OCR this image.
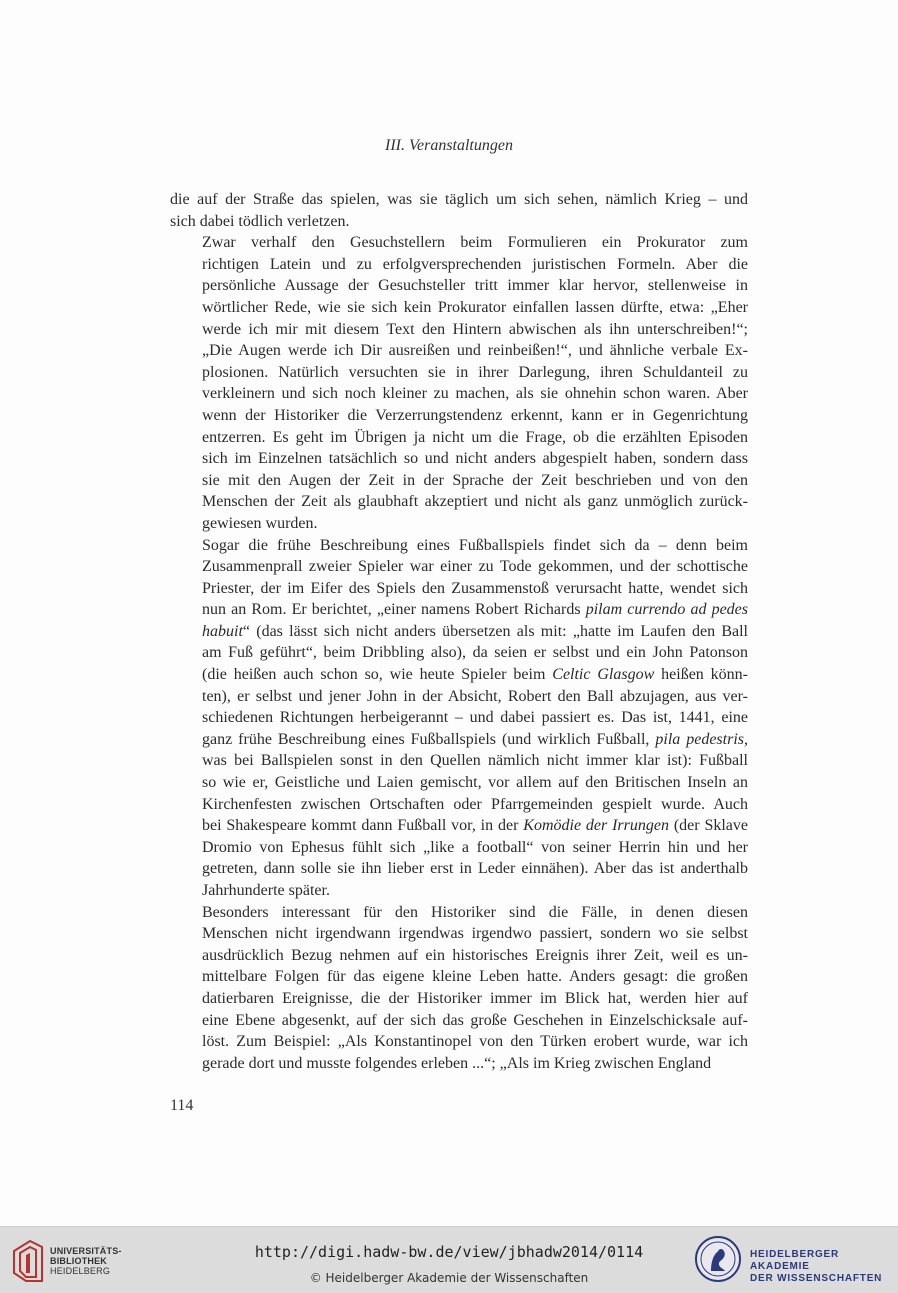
III. Veranstaltungen

die auf der Straße das spielen, was sie täglich um sich sehen, nämlich Krieg – und
sich dabei tödlich verletzen.

Zwar verhalf den Gesuchstellern beim Formulieren ein Prokurator zum
richtigen Latein und zu erfolgversprechenden juristischen Formeln. Aber die
persönliche Aussage der Gesuchsteller tritt immer klar hervor, stellenweise in
wörtlicher Rede, wie sie sich kein Prokurator einfallen lassen dürfte, etwa: „Eher
werde ich mir mit diesem Text den Hintern abwischen als ihn unterschreiben!“;
„Die Augen werde ich Dir ausreißen und reinbeißen!“, und ähnliche verbale Ex-
plosionen. Natürlich versuchten sie in ihrer Darlegung, ihren Schuldanteil zu
verkleinern und sich noch kleiner zu machen, als sie ohnehin schon waren. Aber
wenn der Historiker die Verzerrungstendenz erkennt, kann er in Gegenrichtung
entzerren. Es geht im Übrigen ja nicht um die Frage, ob die erzählten Episoden
sich im Einzelnen tatsächlich so und nicht anders abgespielt haben, sondern dass
sie mit den Augen der Zeit in der Sprache der Zeit beschrieben und von den
Menschen der Zeit als glaubhaft akzeptiert und nicht als ganz unmöglich zurück-
gewiesen wurden.

Sogar die frühe Beschreibung eines Fußballspiels findet sich da – denn beim
Zusammenprall zweier Spieler war einer zu Tode gekommen, und der schottische
Priester, der im Eifer des Spiels den Zusammenstoß verursacht hatte, wendet sich
nun an Rom. Er berichtet, „einer namens Robert Richards pilam currendo ad pedes
habuit“ (das lässt sich nicht anders übersetzen als mit: „hatte im Laufen den Ball
am Fuß geführt“, beim Dribbling also), da seien er selbst und ein John Patonson
(die heißen auch schon so, wie heute Spieler beim Celtic Glasgow heißen könn-
ten), er selbst und jener John in der Absicht, Robert den Ball abzujagen, aus ver-
schiedenen Richtungen herbeigerannt – und dabei passiert es. Das ist, 1441, eine
ganz frühe Beschreibung eines Fußballspiels (und wirklich Fußball, pila pedestris,
was bei Ballspielen sonst in den Quellen nämlich nicht immer klar ist): Fußball
so wie er, Geistliche und Laien gemischt, vor allem auf den Britischen Inseln an
Kirchenfesten zwischen Ortschaften oder Pfarrgemeinden gespielt wurde. Auch
bei Shakespeare kommt dann Fußball vor, in der Komödie der Irrungen (der Sklave
Dromio von Ephesus fühlt sich „like a football“ von seiner Herrin hin und her
getreten, dann solle sie ihn lieber erst in Leder einnähen). Aber das ist anderthalb
Jahrhunderte später.

Besonders interessant für den Historiker sind die Fälle, in denen diesen
Menschen nicht irgendwann irgendwas irgendwo passiert, sondern wo sie selbst
ausdrücklich Bezug nehmen auf ein historisches Ereignis ihrer Zeit, weil es un-
mittelbare Folgen für das eigene kleine Leben hatte. Anders gesagt: die großen
datierbaren Ereignisse, die der Historiker immer im Blick hat, werden hier auf
eine Ebene abgesenkt, auf der sich das große Geschehen in Einzelschicksale auf-
löst. Zum Beispiel: „Als Konstantinopel von den Türken erobert wurde, war ich
gerade dort und musste folgendes erleben ...“; „Als im Krieg zwischen England

114
UNIVERSITÄTS-
BIBLIOTHEK
HEIDELBERG
http://digi.hadw-bw.de/view/jbhadw2014/0114
© Heidelberger Akademie der Wissenschaften
HEIDELBERGER AKADEMIE
DER WISSENSCHAFTEN
